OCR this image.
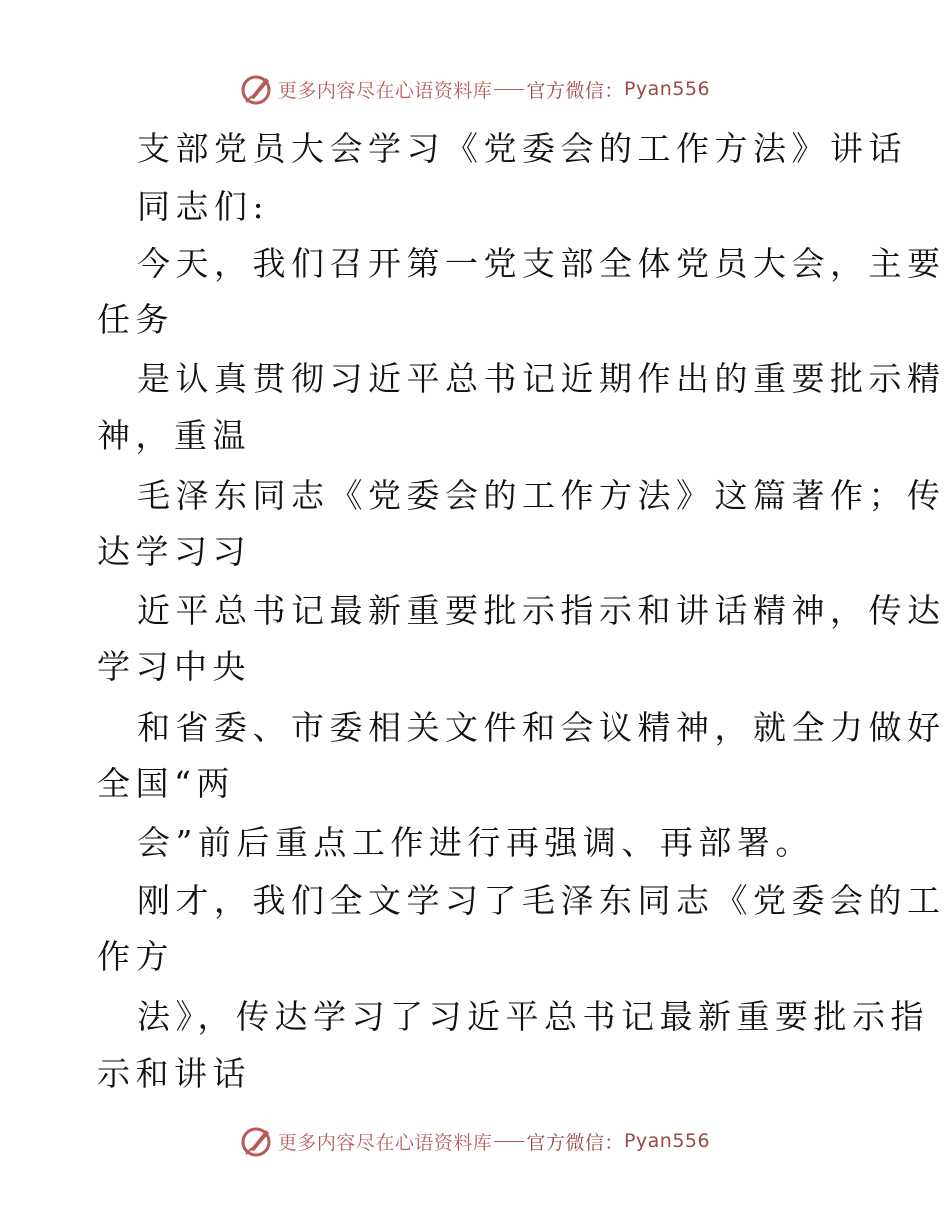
更多内容尽在心语资料库 官方微信： Pyan556
支部党员大会学习《党委会的工作方法》讲话
同志们:
今天，我们召开第一党支部全体党员大会，主要
任务
是认真贯彻习近平总书记近期作出的重要批示精
神，重温
毛泽东同志《党委会的工作方法》这篇著作；传
达学习习
近平总书记最新重要批示指示和讲话精神，传达
学习中央
和省委、市委相关文件和会议精神，就全力做好
全国“两
会”前后重点工作进行再强调、再部署。
刚才，我们全文学习了毛泽东同志《党委会的工
作方
法》，传达学习了习近平总书记最新重要批示指
示和讲话
更多内容尽在心语资料库 官方微信： Pyan556
